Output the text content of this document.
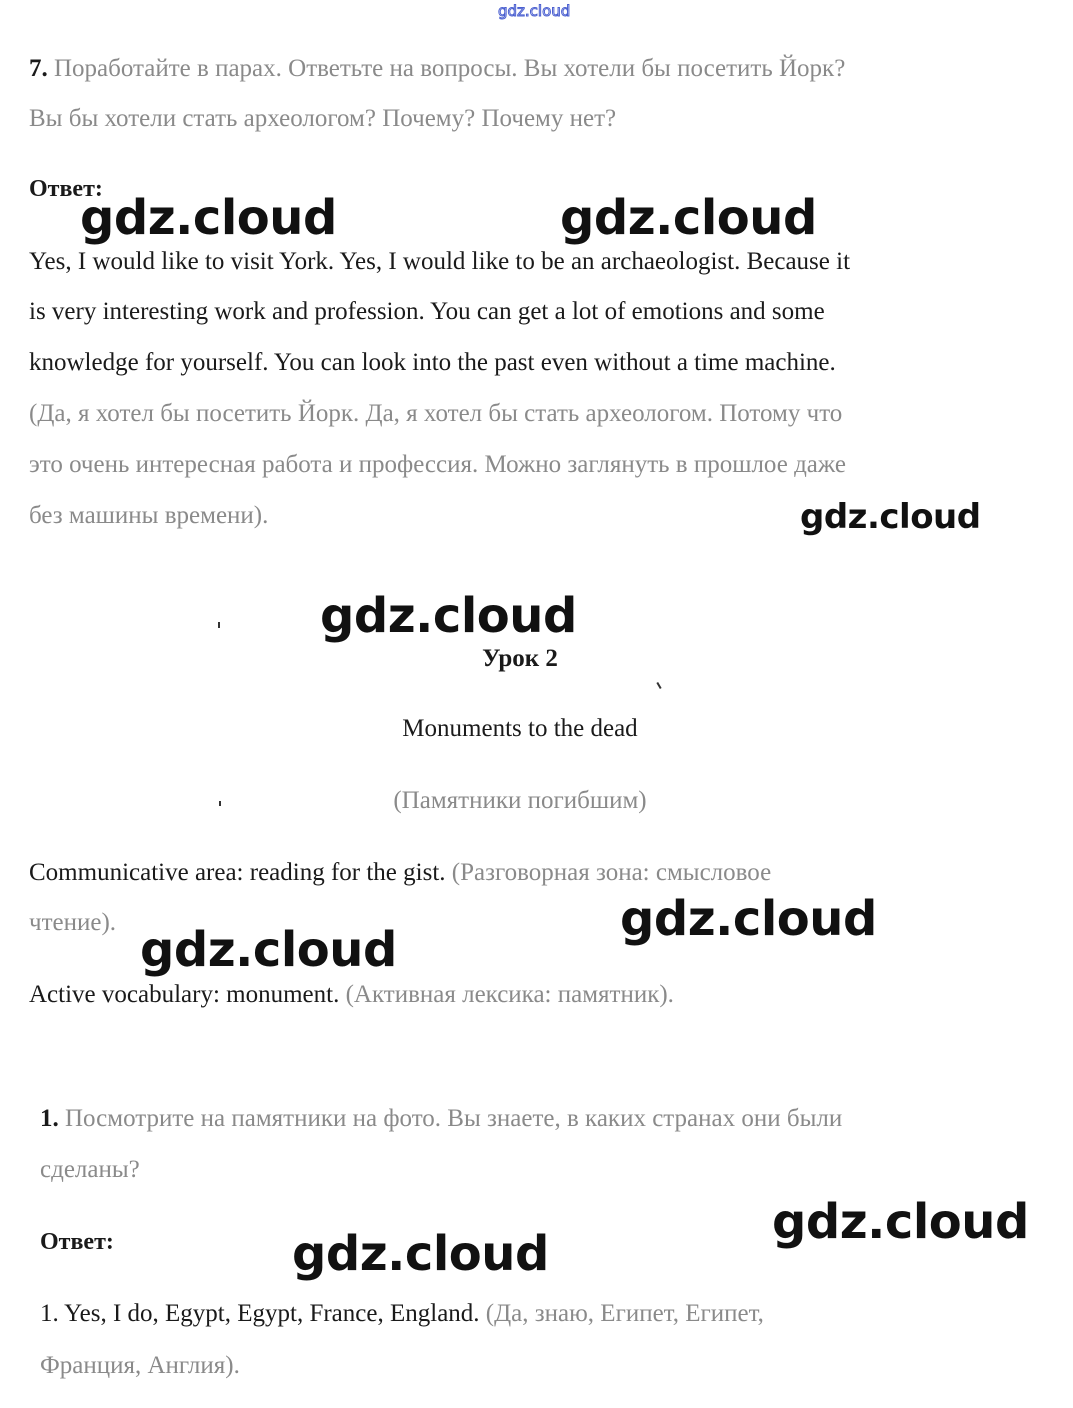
gdz.cloud
7. Поработайте в парах. Ответьте на вопросы. Вы хотели бы посетить Йорк?
Вы бы хотели стать археологом? Почему? Почему нет?
Ответ:
Yes, I would like to visit York. Yes, I would like to be an archaeologist. Because it
is very interesting work and profession. You can get a lot of emotions and some
knowledge for yourself. You can look into the past even without a time machine.
(Да, я хотел бы посетить Йорк. Да, я хотел бы стать археологом. Потому что
это очень интересная работа и профессия. Можно заглянуть в прошлое даже
без машины времени).
Урок 2
Monuments to the dead
(Памятники погибшим)
Communicative area: reading for the gist. (Разговорная зона: смысловое
чтение).
Active vocabulary: monument. (Активная лексика: памятник).
1. Посмотрите на памятники на фото. Вы знаете, в каких странах они были
сделаны?
Ответ:
1. Yes, I do, Egypt, Egypt, France, England. (Да, знаю, Египет, Египет,
Франция, Англия).
gdz.cloud	gdz.cloud
gdz.cloud
gdz.cloud
gdz.cloud
gdz.cloud
gdz.cloud
gdz.cloud
